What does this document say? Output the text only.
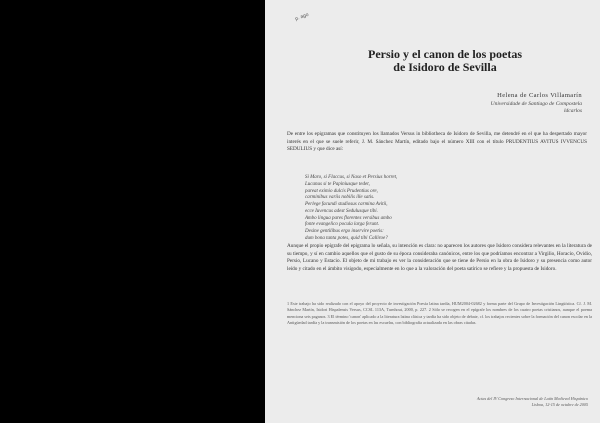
p. ago
Persio y el canon de los poetas
de Isidoro de Sevilla
Helena de Carlos Villamarín
Universidade de Santiago de Compostela
ldcarlos
De entre los epigramas que constituyen los llamados Versus in bibliotheca de Isidoro de Sevilla, me detendré en el que ha despertado mayor interés en el que se suele referir, J. M. Sánchez Martín, editado bajo el número XIII con el título PRUDENTIUS AVITUS IVVENCUS SEDULIUS y que dice así:
Si Maro, si Flaccus, si Naso et Persius horret,
Lucanus si te Papiniusque tedet,
pareat eximio dulcis Prudentius ore,
carminibus variis nobilis ille satis.
Perlege facundi studiosus carmina Avitii,
ecce Iuvencus adest Sedulusque tibi.
Ambo lingua pares florentes versibus ambo
fonte evangelico pocula larga ferunt.
Desine gentilibus ergo inservire poetis:
dum bona tanta potes, quid tibi Calliroe?
Aunque el propio epígrafe del epigrama lo señala, su intención es clara: no aparecen los autores que Isidoro considera relevantes en la literatura de su tiempo, y sí en cambio aquellos que el gusto de su época consideraba canónicos, entre los que podríamos encontrar a Virgilio, Horacio, Ovidio, Persio, Lucano y Estacio. El objeto de mi trabajo es ver la consideración que se tiene de Persio en la obra de Isidoro y su presencia como autor leído y citado en el ámbito visigodo, especialmente en lo que a la valoración del poeta satírico se refiere y la propuesta de Isidoro.
1 Este trabajo ha sido realizado con el apoyo del proyecto de investigación Poesía latina tardía, HUM2004-02682 y forma parte del Grupo de Investigación Lingüística. Cf. J. M. Sánchez Martín, Isidori Hispalensis Versus, CCSL 113A, Turnhout, 2000, p. 227. 2 Sólo se recogen en el epígrafe los nombres de los cuatro poetas cristianos, aunque el poema menciona seis paganos. 3 El término 'canon' aplicado a la literatura latina clásica y tardía ha sido objeto de debate, cf. los trabajos recientes sobre la formación del canon escolar en la Antigüedad tardía y la transmisión de los poetas en las escuelas, con bibliografía actualizada en las obras citadas.
Actas del IV Congreso Internacional de Latín Medieval Hispánico
Lisboa, 12-15 de octubre de 2005
